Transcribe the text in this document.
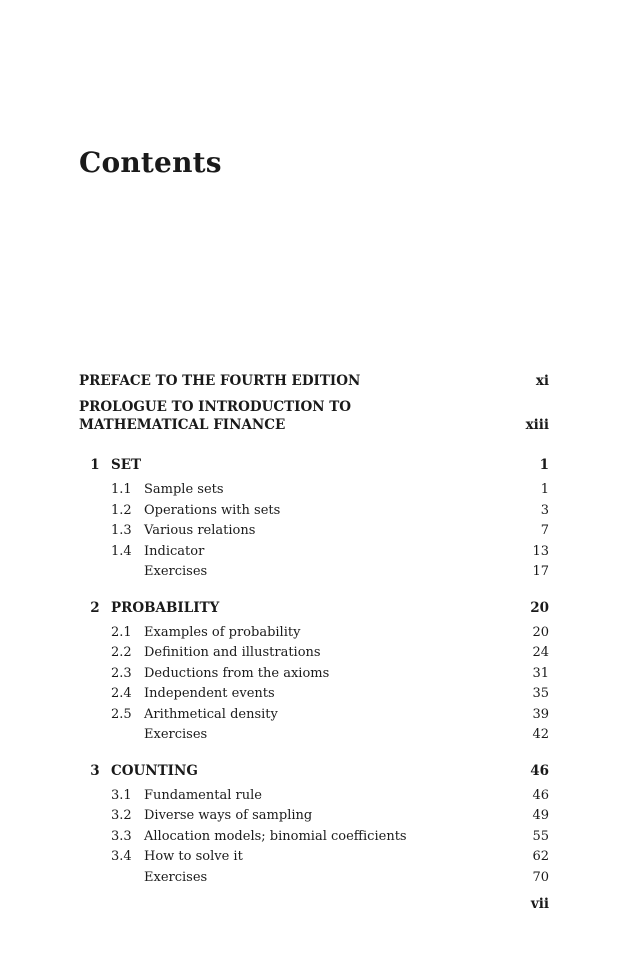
Contents
PREFACE TO THE FOURTH EDITION	xi
PROLOGUE TO INTRODUCTION TO
MATHEMATICAL FINANCE	xiii
1 SET	1
1.1 Sample sets	1
1.2 Operations with sets	3
1.3 Various relations	7
1.4 Indicator	13
Exercises	17
2 PROBABILITY	20
2.1 Examples of probability	20
2.2 Definition and illustrations	24
2.3 Deductions from the axioms	31
2.4 Independent events	35
2.5 Arithmetical density	39
Exercises	42
3 COUNTING	46
3.1 Fundamental rule	46
3.2 Diverse ways of sampling	49
3.3 Allocation models; binomial coefficients	55
3.4 How to solve it	62
Exercises	70
vii
